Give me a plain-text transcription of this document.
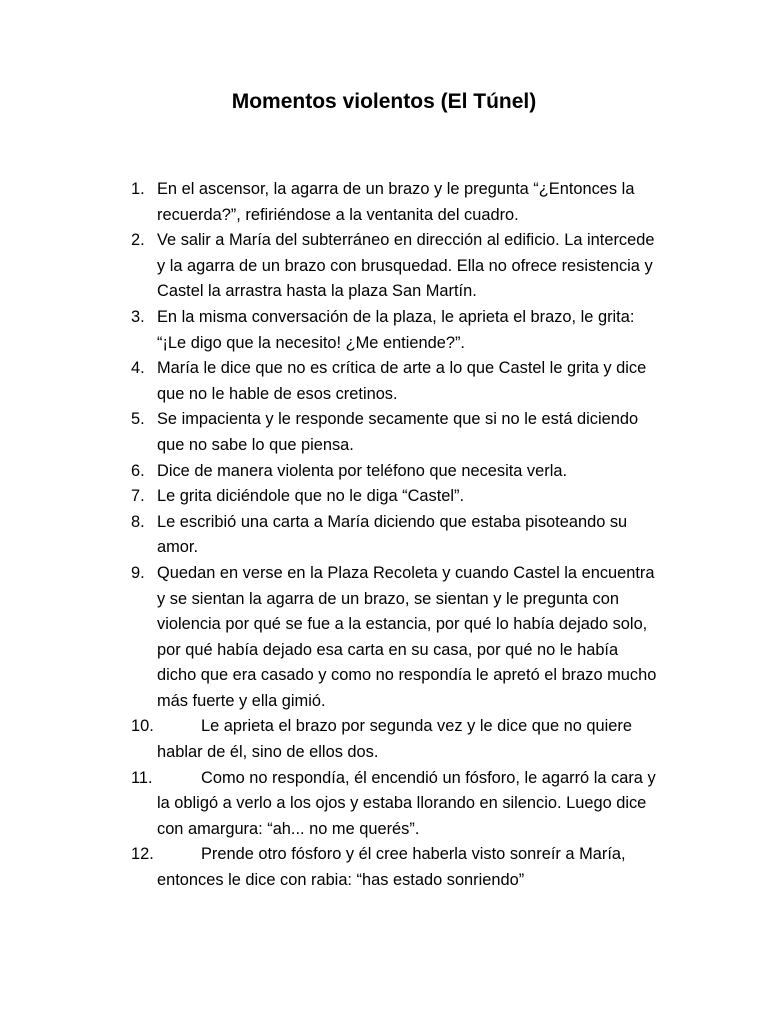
Momentos violentos (El Túnel)
1. En el ascensor, la agarra de un brazo y le pregunta “¿Entonces la recuerda?”, refiriéndose a la ventanita del cuadro.
2. Ve salir a María del subterráneo en dirección al edificio. La intercede y la agarra de un brazo con brusquedad. Ella no ofrece resistencia y Castel la arrastra hasta la plaza San Martín.
3. En la misma conversación de la plaza, le aprieta el brazo, le grita: “¡Le digo que la necesito! ¿Me entiende?”.
4. María le dice que no es crítica de arte a lo que Castel le grita y dice que no le hable de esos cretinos.
5. Se impacienta y le responde secamente que si no le está diciendo que no sabe lo que piensa.
6. Dice de manera violenta por teléfono que necesita verla.
7. Le grita diciéndole que no le diga “Castel”.
8. Le escribió una carta a María diciendo que estaba pisoteando su amor.
9. Quedan en verse en la Plaza Recoleta y cuando Castel la encuentra y se sientan la agarra de un brazo, se sientan y le pregunta con violencia por qué se fue a la estancia, por qué lo había dejado solo, por qué había dejado esa carta en su casa, por qué no le había dicho que era casado y como no respondía le apretó el brazo mucho más fuerte y ella gimió.
10.	Le aprieta el brazo por segunda vez y le dice que no quiere hablar de él, sino de ellos dos.
11.	Como no respondía, él encendió un fósforo, le agarró la cara y la obligó a verlo a los ojos y estaba llorando en silencio. Luego dice con amargura: “ah... no me querés”.
12.	Prende otro fósforo y él cree haberla visto sonreír a María, entonces le dice con rabia: “has estado sonriendo”
